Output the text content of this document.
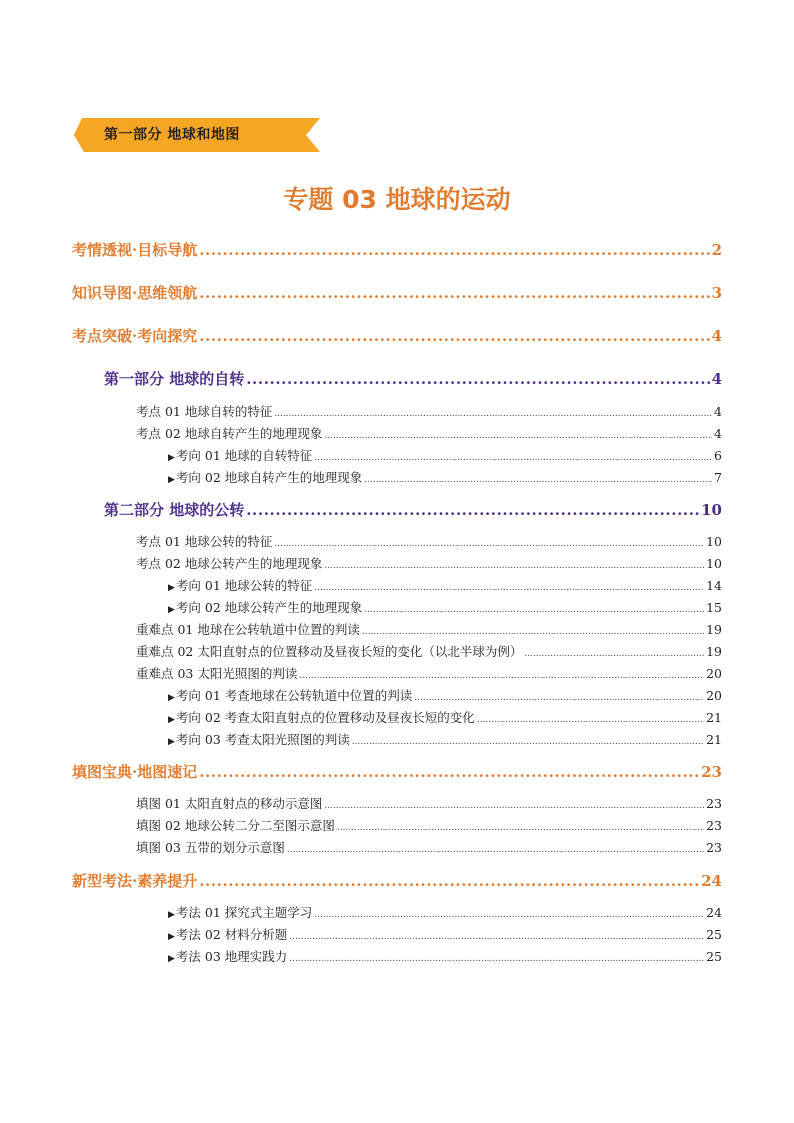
第一部分 地球和地图
专题 03 地球的运动
考情透视·目标导航 .....	2
知识导图·思维领航 .....	3
考点突破·考向探究 .....	4
第一部分 地球的自转 .....	4
考点 01 地球自转的特征 .....	4
考点 02 地球自转产生的地理现象 .....	4
▶ 考向 01 地球的自转特征 .....	6
▶ 考向 02 地球自转产生的地理现象 .....	7
第二部分 地球的公转 .....	10
考点 01 地球公转的特征 .....	10
考点 02 地球公转产生的地理现象 .....	10
▶ 考向 01 地球公转的特征 .....	14
▶ 考向 02 地球公转产生的地理现象 .....	15
重难点 01 地球在公转轨道中位置的判读 .....	19
重难点 02 太阳直射点的位置移动及昼夜长短的变化（以北半球为例） .....	19
重难点 03 太阳光照图的判读 .....	20
▶ 考向 01 考查地球在公转轨道中位置的判读 .....	20
▶ 考向 02 考查太阳直射点的位置移动及昼夜长短的变化 .....	21
▶ 考向 03 考查太阳光照图的判读 .....	21
填图宝典·地图速记 .....	23
填图 01 太阳直射点的移动示意图 .....	23
填图 02 地球公转二分二至图示意图 .....	23
填图 03 五带的划分示意图 .....	23
新型考法·素养提升 .....	24
▶ 考法 01 探究式主题学习 .....	24
▶ 考法 02 材料分析题 .....	25
▶ 考法 03 地理实践力 .....	25
